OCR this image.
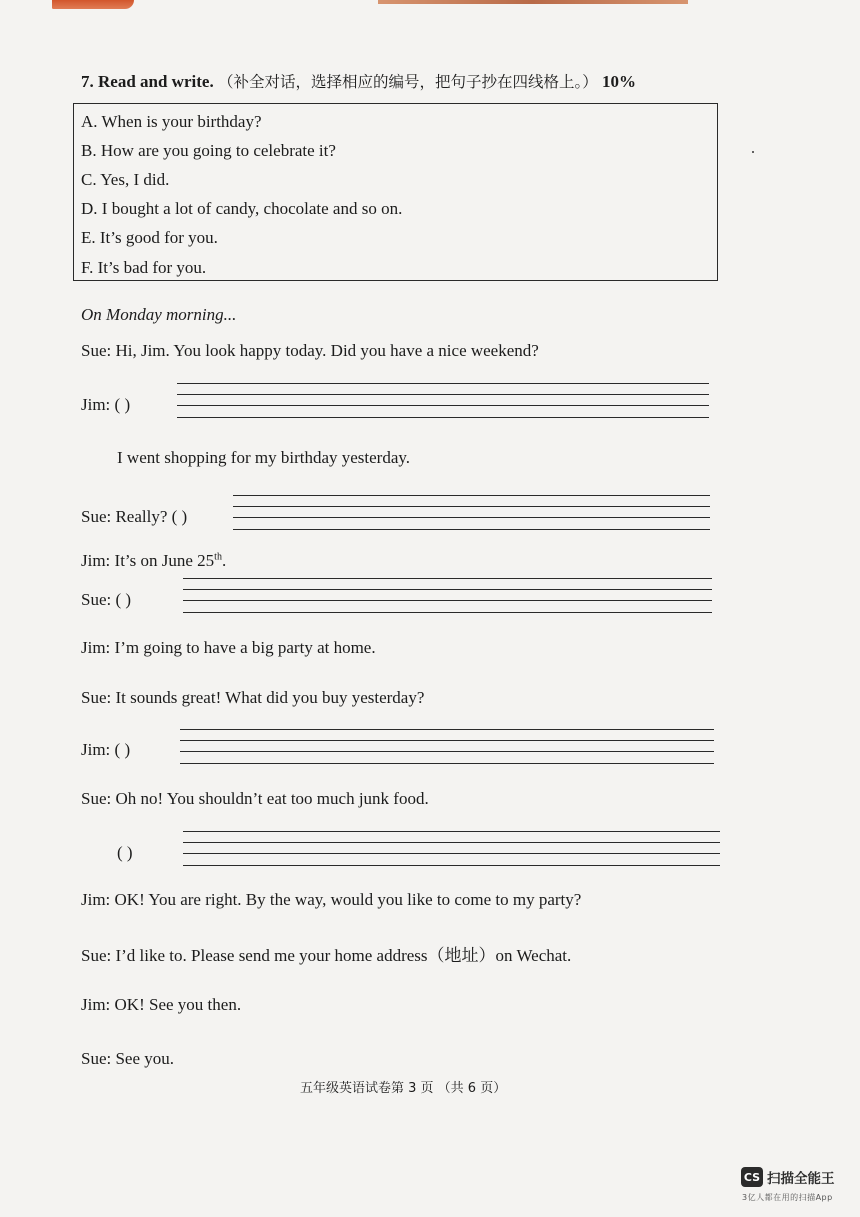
7. Read and write. （补全对话，选择相应的编号，把句子抄在四线格上。） 10%
A. When is your birthday?
B. How are you going to celebrate it?
C. Yes, I did.
D. I bought a lot of candy, chocolate and so on.
E. It’s good for you.
F. It’s bad for you.
On Monday morning...
Sue: Hi, Jim. You look happy today. Did you have a nice weekend?
Jim: ( )
I went shopping for my birthday yesterday.
Sue: Really? ( )
Jim: It’s on June 25th.
Sue: ( )
Jim: I’m going to have a big party at home.
Sue: It sounds great! What did you buy yesterday?
Jim: ( )
Sue: Oh no! You shouldn’t eat too much junk food.
( )
Jim: OK! You are right. By the way, would you like to come to my party?
Sue: I’d like to. Please send me your home address（地址）on Wechat.
Jim: OK! See you then.
Sue: See you.
五年级英语试卷第 3 页 （共 6 页）
CS 扫描全能王
3亿人都在用的扫描App
